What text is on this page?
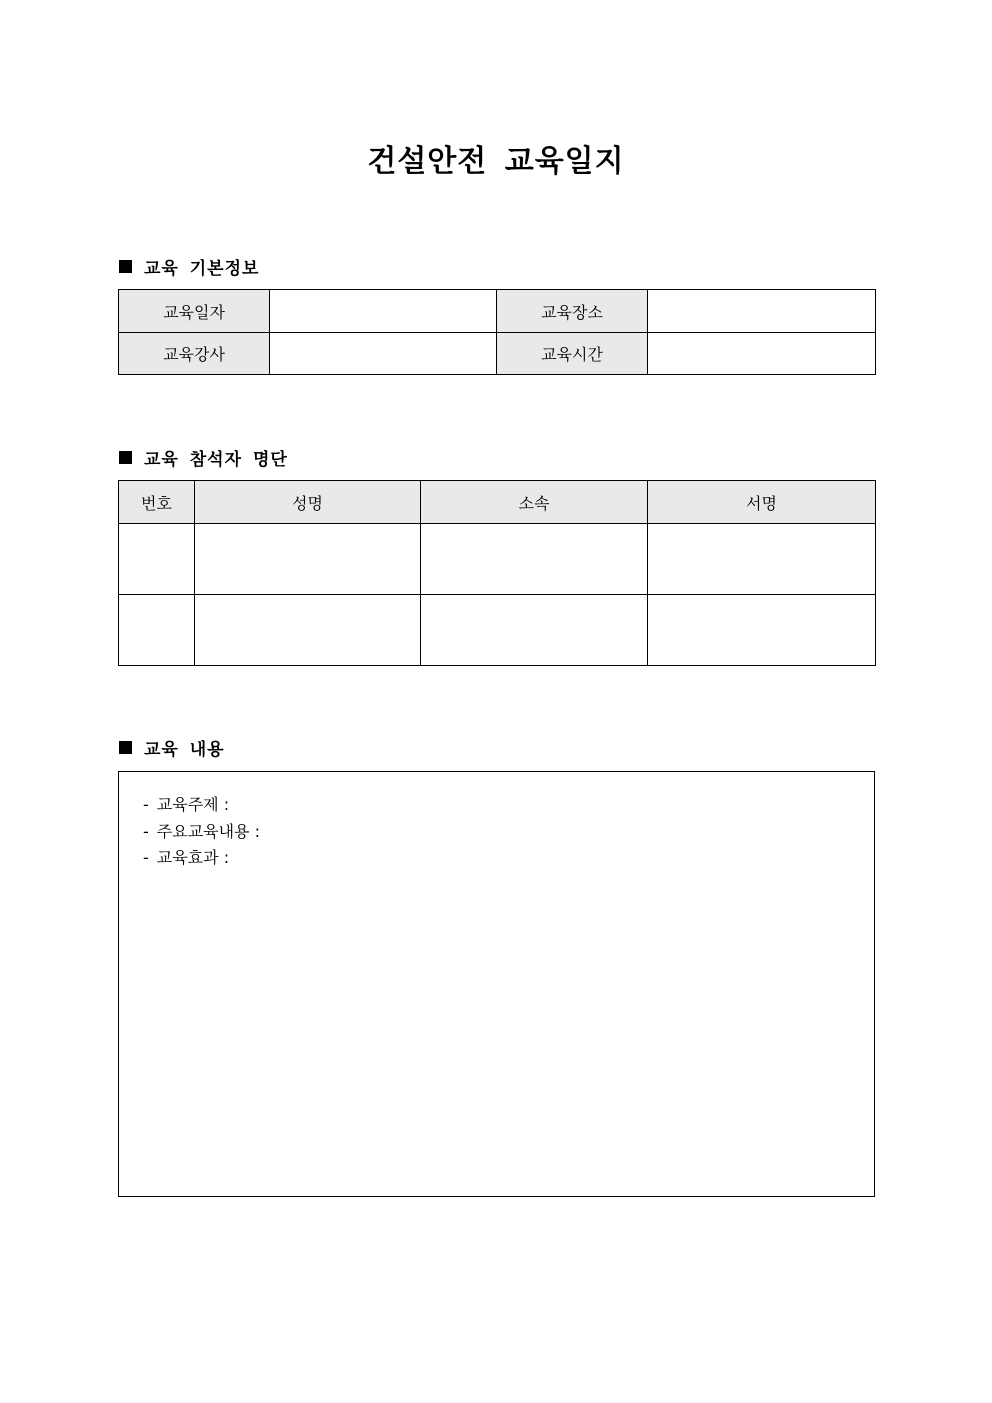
건설안전 교육일지
교육 기본정보
교육일자		교육장소	
교육강사		교육시간	
교육 참석자 명단
번호	성명	소속	서명

교육 내용
- 교육주제 :
- 주요교육내용 :
- 교육효과 :
